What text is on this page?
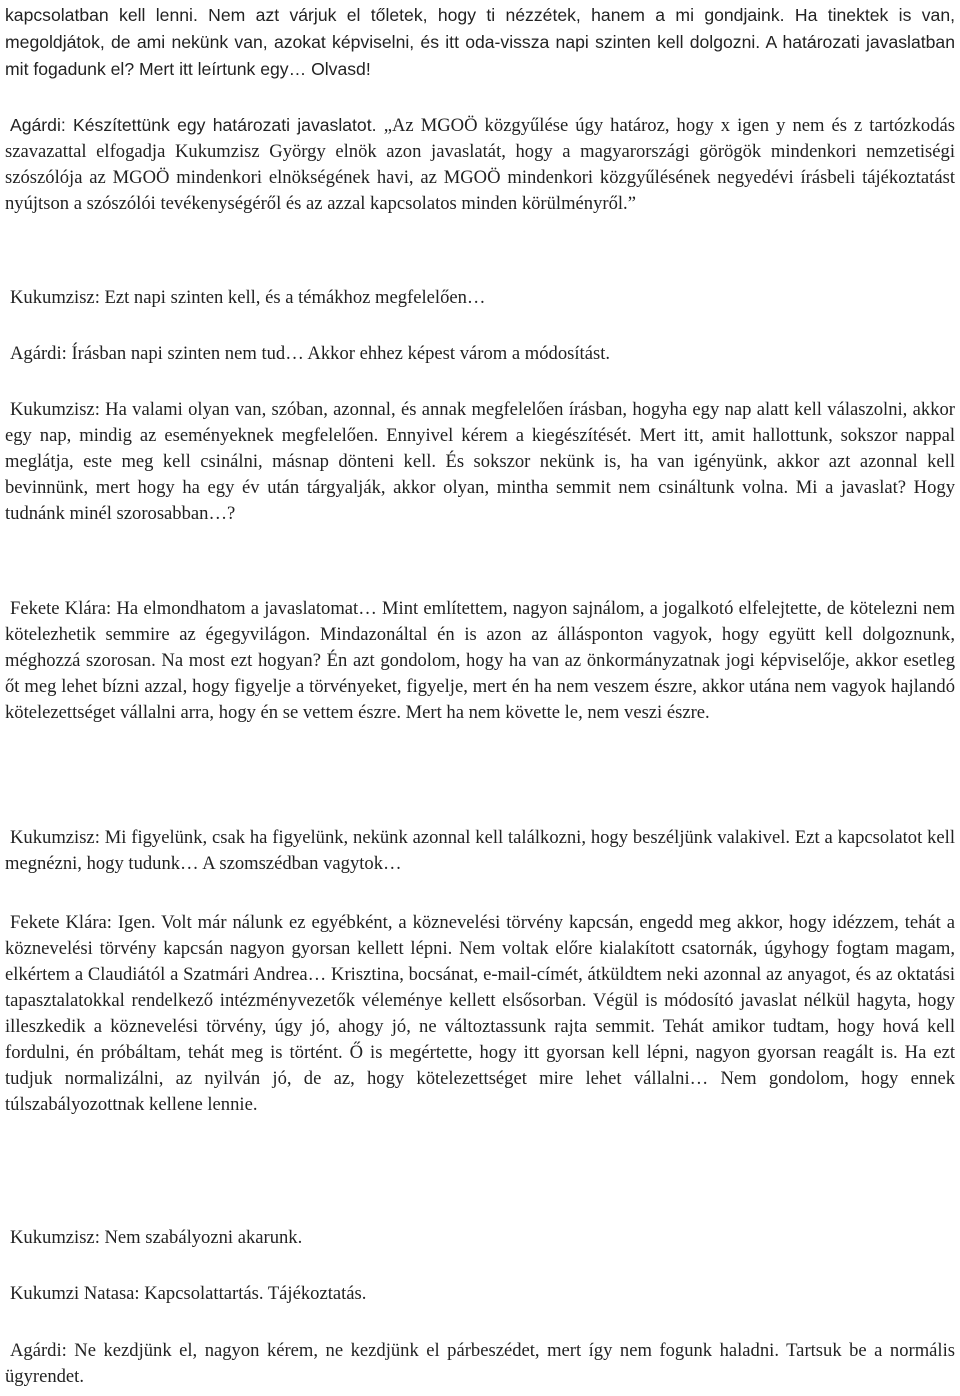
kapcsolatban kell lenni. Nem azt várjuk el tőletek, hogy ti nézzétek, hanem a mi gondjaink. Ha tinektek is van, megoldjátok, de ami nekünk van, azokat képviselni, és itt oda-vissza napi szinten kell dolgozni. A határozati javaslatban mit fogadunk el? Mert itt leírtunk egy… Olvasd!

Agárdi: Készítettünk egy határozati javaslatot. „Az MGOÖ közgyűlése úgy határoz, hogy x igen y nem és z tartózkodás szavazattal elfogadja Kukumzisz György elnök azon javaslatát, hogy a magyarországi görögök mindenkori nemzetiségi szószólója az MGOÖ mindenkori elnökségének havi, az MGOÖ mindenkori közgyűlésének negyedévi írásbeli tájékoztatást nyújtson a szószólói tevékenységéről és az azzal kapcsolatos minden körülményről.”

Kukumzisz: Ezt napi szinten kell, és a témákhoz megfelelően…

Agárdi: Írásban napi szinten nem tud… Akkor ehhez képest várom a módosítást.

Kukumzisz: Ha valami olyan van, szóban, azonnal, és annak megfelelően írásban, hogyha egy nap alatt kell válaszolni, akkor egy nap, mindig az eseményeknek megfelelően. Ennyivel kérem a kiegészítését. Mert itt, amit hallottunk, sokszor nappal meglátja, este meg kell csinálni, másnap dönteni kell. És sokszor nekünk is, ha van igényünk, akkor azt azonnal kell bevinnünk, mert hogy ha egy év után tárgyalják, akkor olyan, mintha semmit nem csináltunk volna. Mi a javaslat? Hogy tudnánk minél szorosabban…?

Fekete Klára: Ha elmondhatom a javaslatomat… Mint említettem, nagyon sajnálom, a jogalkotó elfelejtette, de kötelezni nem kötelezhetik semmire az égegyvilágon. Mindazonáltal én is azon az állásponton vagyok, hogy együtt kell dolgoznunk, méghozzá szorosan. Na most ezt hogyan? Én azt gondolom, hogy ha van az önkormányzatnak jogi képviselője, akkor esetleg őt meg lehet bízni azzal, hogy figyelje a törvényeket, figyelje, mert én ha nem veszem észre, akkor utána nem vagyok hajlandó kötelezettséget vállalni arra, hogy én se vettem észre. Mert ha nem követte le, nem veszi észre.

Kukumzisz: Mi figyelünk, csak ha figyelünk, nekünk azonnal kell találkozni, hogy beszéljünk valakivel. Ezt a kapcsolatot kell megnézni, hogy tudunk… A szomszédban vagytok…

Fekete Klára: Igen. Volt már nálunk ez egyébként, a köznevelési törvény kapcsán, engedd meg akkor, hogy idézzem, tehát a köznevelési törvény kapcsán nagyon gyorsan kellett lépni. Nem voltak előre kialakított csatornák, úgyhogy fogtam magam, elkértem a Claudiától a Szatmári Andrea… Krisztina, bocsánat, e-mail-címét, átküldtem neki azonnal az anyagot, és az oktatási tapasztalatokkal rendelkező intézményvezetők véleménye kellett elsősorban. Végül is módosító javaslat nélkül hagyta, hogy illeszkedik a köznevelési törvény, úgy jó, ahogy jó, ne változtassunk rajta semmit. Tehát amikor tudtam, hogy hová kell fordulni, én próbáltam, tehát meg is történt. Ő is megértette, hogy itt gyorsan kell lépni, nagyon gyorsan reagált is. Ha ezt tudjuk normalizálni, az nyilván jó, de az, hogy kötelezettséget mire lehet vállalni… Nem gondolom, hogy ennek túlszabályozottnak kellene lennie.

Kukumzisz: Nem szabályozni akarunk.

Kukumzi Natasa: Kapcsolattartás. Tájékoztatás.

Agárdi: Ne kezdjünk el, nagyon kérem, ne kezdjünk el párbeszédet, mert így nem fogunk haladni. Tartsuk be a normális ügyrendet.
